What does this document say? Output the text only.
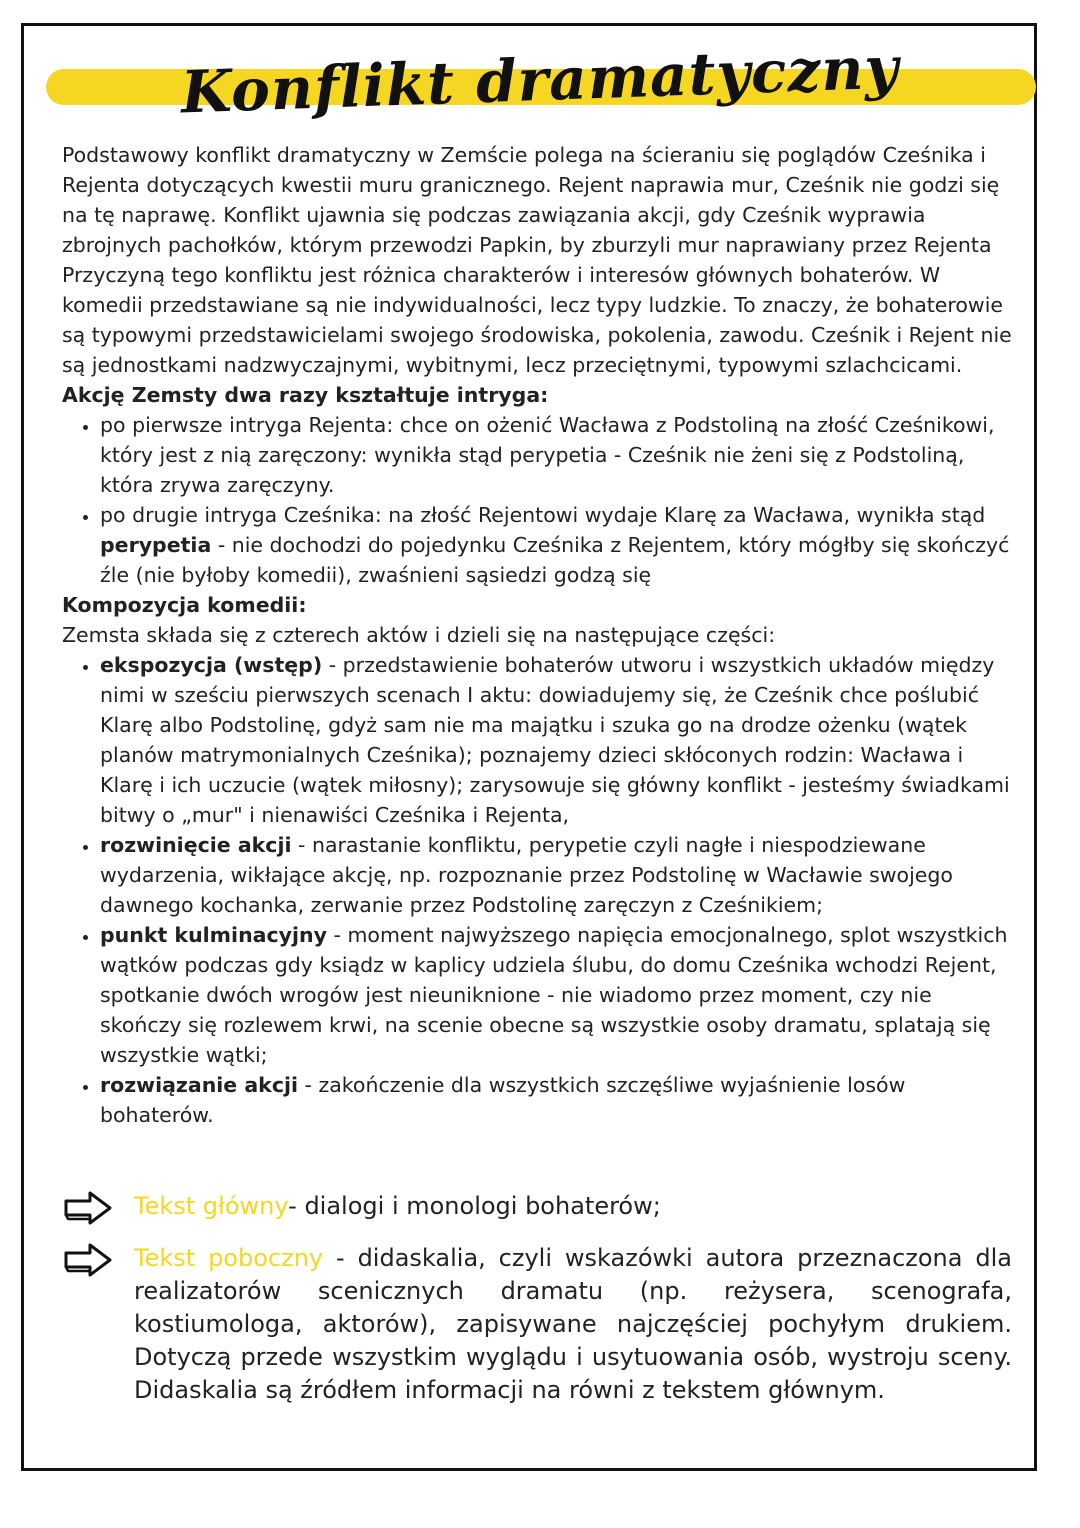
Konflikt dramatyczny

Podstawowy konflikt dramatyczny w Zemście polega na ścieraniu się poglądów Cześnika i Rejenta dotyczących kwestii muru granicznego. Rejent naprawia mur, Cześnik nie godzi się na tę naprawę. Konflikt ujawnia się podczas zawiązania akcji, gdy Cześnik wyprawia zbrojnych pachołków, którym przewodzi Papkin, by zburzyli mur naprawiany przez Rejenta Przyczyną tego konfliktu jest różnica charakterów i interesów głównych bohaterów. W komedii przedstawiane są nie indywidualności, lecz typy ludzkie. To znaczy, że bohaterowie są typowymi przedstawicielami swojego środowiska, pokolenia, zawodu. Cześnik i Rejent nie są jednostkami nadzwyczajnymi, wybitnymi, lecz przeciętnymi, typowymi szlachcicami.

Akcję Zemsty dwa razy kształtuje intryga:

• po pierwsze intryga Rejenta: chce on ożenić Wacława z Podstoliną na złość Cześnikowi, który jest z nią zaręczony: wynikła stąd perypetia - Cześnik nie żeni się z Podstoliną, która zrywa zaręczyny.
• po drugie intryga Cześnika: na złość Rejentowi wydaje Klarę za Wacława, wynikła stąd perypetia - nie dochodzi do pojedynku Cześnika z Rejentem, który mógłby się skończyć źle (nie byłoby komedii), zwaśnieni sąsiedzi godzą się

Kompozycja komedii:

Zemsta składa się z czterech aktów i dzieli się na następujące części:

• ekspozycja (wstęp) - przedstawienie bohaterów utworu i wszystkich układów między nimi w sześciu pierwszych scenach I aktu: dowiadujemy się, że Cześnik chce poślubić Klarę albo Podstolinę, gdyż sam nie ma majątku i szuka go na drodze ożenku (wątek planów matrymonialnych Cześnika); poznajemy dzieci skłóconych rodzin: Wacława i Klarę i ich uczucie (wątek miłosny); zarysowuje się główny konflikt - jesteśmy świadkami bitwy o „mur" i nienawiści Cześnika i Rejenta,
• rozwinięcie akcji - narastanie konfliktu, perypetie czyli nagłe i niespodziewane wydarzenia, wikłające akcję, np. rozpoznanie przez Podstolinę w Wacławie swojego dawnego kochanka, zerwanie przez Podstolinę zaręczyn z Cześnikiem;
• punkt kulminacyjny - moment najwyższego napięcia emocjonalnego, splot wszystkich wątków podczas gdy ksiądz w kaplicy udziela ślubu, do domu Cześnika wchodzi Rejent, spotkanie dwóch wrogów jest nieuniknione - nie wiadomo przez moment, czy nie skończy się rozlewem krwi, na scenie obecne są wszystkie osoby dramatu, splatają się wszystkie wątki;
• rozwiązanie akcji - zakończenie dla wszystkich szczęśliwe wyjaśnienie losów bohaterów.
Tekst główny- dialogi i monologi bohaterów;
Tekst poboczny - didaskalia, czyli wskazówki autora przeznaczona dla realizatorów scenicznych dramatu (np. reżysera, scenografa, kostiumologa, aktorów), zapisywane najczęściej pochyłym drukiem. Dotyczą przede wszystkim wyglądu i usytuowania osób, wystroju sceny. Didaskalia są źródłem informacji na równi z tekstem głównym.
